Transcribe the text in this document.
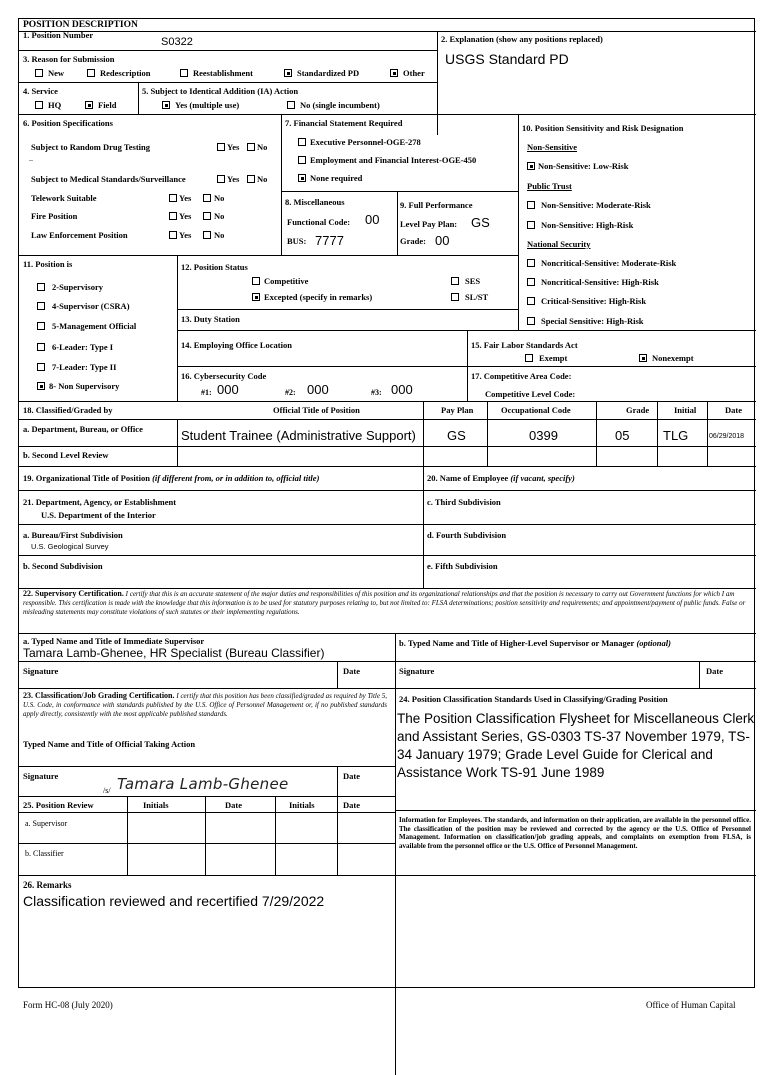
POSITION DESCRIPTION
1. Position Number
S0322	2. Explanation (show any positions replaced)
USGS Standard PD
3. Reason for Submission
New	Redescription	Reestablishment	Standardized PD	Other
4. Service
HQ	Field
5. Subject to Identical Addition (IA) Action
Yes (multiple use)	No (single incumbent)
6. Position Specifications
Subject to Random Drug Testing	Yes No
--
Subject to Medical Standards/Surveillance	Yes No
Telework Suitable	Yes	No
Fire Position	Yes	No
Law Enforcement Position	Yes	No
7. Financial Statement Required
Executive Personnel-OGE-278
Employment and Financial Interest-OGE-450
None required
8. Miscellaneous
Functional Code: 00
BUS: 7777
9. Full Performance
Level Pay Plan: GS
Grade: 00
10. Position Sensitivity and Risk Designation
Non-Sensitive
Non-Sensitive: Low-Risk
Public Trust
Non-Sensitive: Moderate-Risk
Non-Sensitive: High-Risk
National Security
Noncritical-Sensitive: Moderate-Risk
Noncritical-Sensitive: High-Risk
Critical-Sensitive: High-Risk
Special Sensitive: High-Risk
11. Position is
2-Supervisory
4-Supervisor (CSRA)
5-Management Official
6-Leader: Type I
7-Leader: Type II
8- Non Supervisory
12. Position Status
Competitive
Excepted (specify in remarks)
SES
SL/ST
13. Duty Station
14. Employing Office Location	15. Fair Labor Standards Act
Exempt	Nonexempt
16. Cybersecurity Code
#1: 000	#2: 000	#3: 000
17. Competitive Area Code:
Competitive Level Code:
18. Classified/Graded by	Official Title of Position	Pay Plan	Occupational Code	Grade	Initial	Date
a. Department, Bureau, or Office	Student Trainee (Administrative Support) GS	0399	05	TLG	06/29/2018
b. Second Level Review
19. Organizational Title of Position (if different from, or in addition to, official title)	20. Name of Employee (if vacant, specify)
21. Department, Agency, or Establishment
U.S. Department of the Interior
c. Third Subdivision
a. Bureau/First Subdivision
U.S. Geological Survey
d. Fourth Subdivision
b. Second Subdivision	e. Fifth Subdivision
22. Supervisory Certification. I certify that this is an accurate statement of the major duties and responsibilities of this position and its organizational relationships and that the position is necessary to carry out Government functions for which I am responsible. This certification is made with the knowledge that this information is to be used for statutory purposes relating to, but not limited to: FLSA determinations; position sensitivity and requirements; and appointment/payment of public funds. False or misleading statements may constitute violations of such statutes or their implementing regulations.
a. Typed Name and Title of Immediate Supervisor
Tamara Lamb-Ghenee, HR Specialist (Bureau Classifier)
b. Typed Name and Title of Higher-Level Supervisor or Manager (optional)
Signature	Date	Signature	Date
23. Classification/Job Grading Certification. I certify that this position has been classified/graded as required by Title 5, U.S. Code, in conformance with standards published by the U.S. Office of Personnel Management or, if no published standards apply directly, consistently with the most applicable published standards.
Typed Name and Title of Official Taking Action
Signature
/s/ Tamara Lamb-Ghenee	Date
24. Position Classification Standards Used in Classifying/Grading Position
The Position Classification Flysheet for Miscellaneous Clerk and Assistant Series, GS-0303 TS-37 November 1979, TS-34 January 1979; Grade Level Guide for Clerical and Assistance Work TS-91 June 1989
Information for Employees. The standards, and information on their application, are available in the personnel office. The classification of the position may be reviewed and corrected by the agency or the U.S. Office of Personnel Management. Information on classification/job grading appeals, and complaints on exemption from FLSA, is available from the personnel office or the U.S. Office of Personnel Management.
25. Position Review	Initials	Date	Initials	Date
a. Supervisor
b. Classifier
26. Remarks
Classification reviewed and recertified 7/29/2022
Form HC-08 (July 2020)	Office of Human Capital
